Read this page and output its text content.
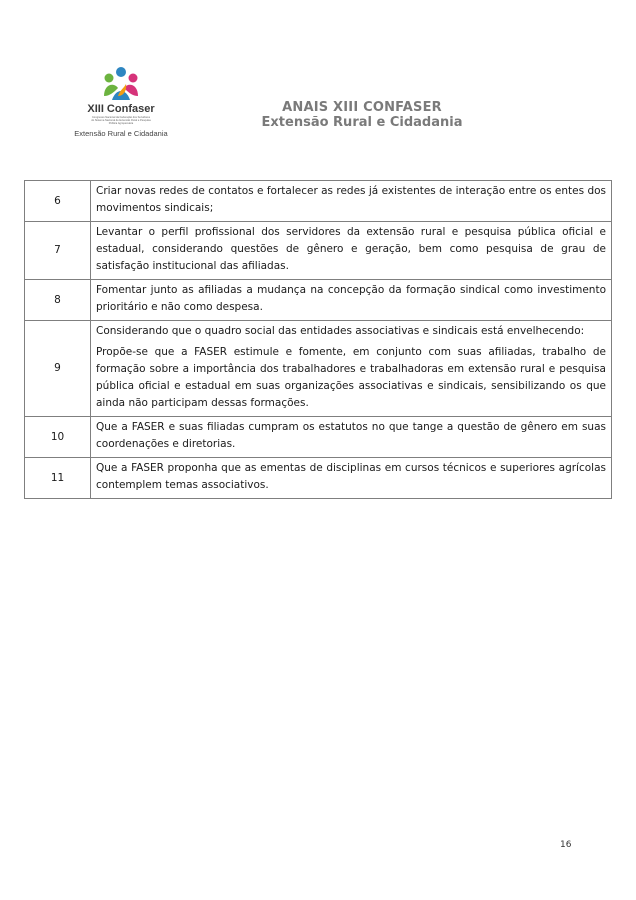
XIII Confaser
Congresso Nacional da Federação dos Servidores do Sistema Nacional de Extensão Rural e Pesquisa Pública Agropecuária
Extensão Rural e Cidadania
ANAIS XIII CONFASER
Extensão Rural e Cidadania
6	Criar novas redes de contatos e fortalecer as redes já existentes de interação entre os entes dos movimentos sindicais;

7	Levantar o perfil profissional dos servidores da extensão rural e pesquisa pública oficial e estadual, considerando questões de gênero e geração, bem como pesquisa de grau de satisfação institucional das afiliadas.

8	Fomentar junto as afiliadas a mudança na concepção da formação sindical como investimento prioritário e não como despesa.

9	Considerando que o quadro social das entidades associativas e sindicais está envelhecendo:

Propõe-se que a FASER estimule e fomente, em conjunto com suas afiliadas, trabalho de formação sobre a importância dos trabalhadores e trabalhadoras em extensão rural e pesquisa pública oficial e estadual em suas organizações associativas e sindicais, sensibilizando os que ainda não participam dessas formações.

10	Que a FASER e suas filiadas cumpram os estatutos no que tange a questão de gênero em suas coordenações e diretorias.

11	Que a FASER proponha que as ementas de disciplinas em cursos técnicos e superiores agrícolas contemplem temas associativos.

16
